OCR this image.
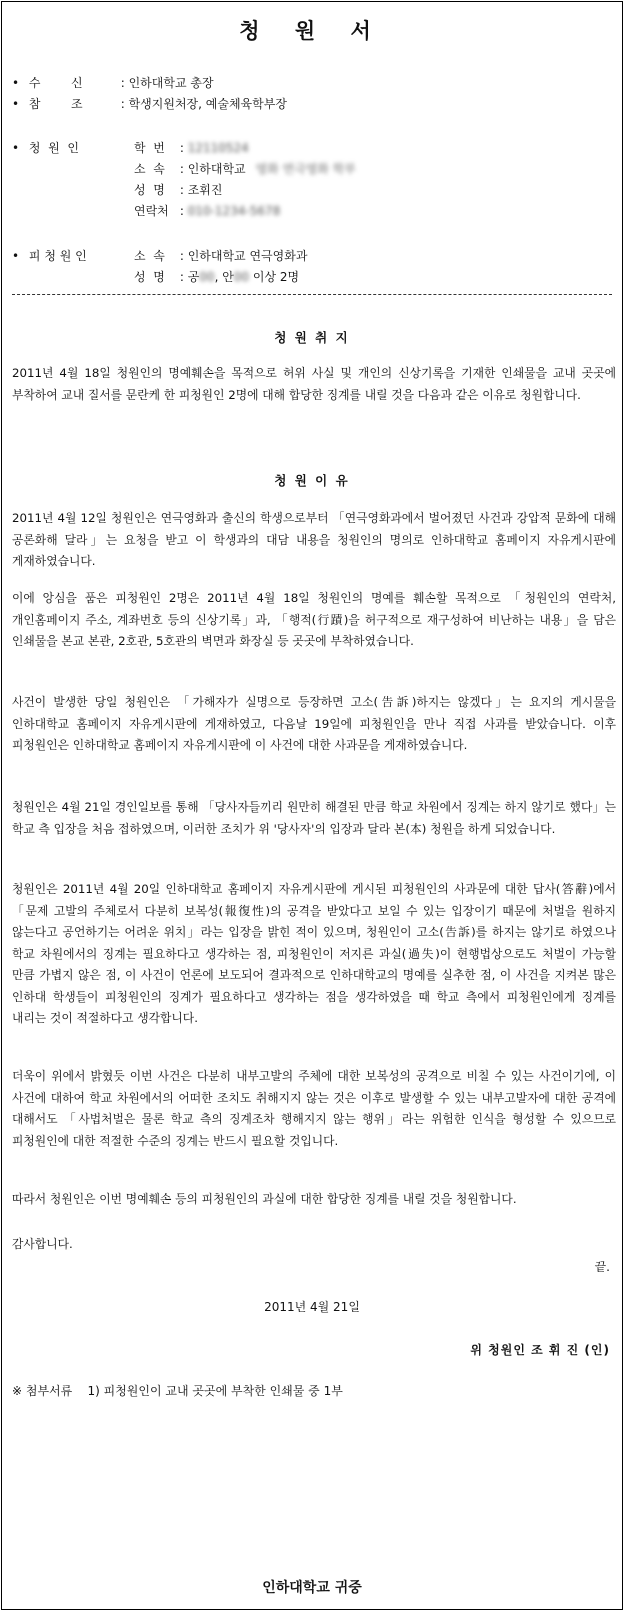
청 원 서
• 수        신	: 인하대학교 총장
• 참        조	: 학생지원처장, 예술체육학부장
• 청  원  인	학  번 : 12110524
소  속 : 인하대학교 영화 연극영화 학부
성  명 : 조휘진
연락처 : 010-1234-5678
• 피 청 원 인	소  속 : 인하대학교 연극영화과
성  명 : 공00, 안00 이상 2명
청 원 취 지
2011년 4월 18일 청원인의 명예훼손을 목적으로 허위 사실 및 개인의 신상기록을 기재한 인쇄물을 교내 곳곳에 부착하여 교내 질서를 문란케 한 피청원인 2명에 대해 합당한 징계를 내릴 것을 다음과 같은 이유로 청원합니다.
청 원 이 유
2011년 4월 12일 청원인은 연극영화과 출신의 학생으로부터 「연극영화과에서 벌어졌던 사건과 강압적 문화에 대해 공론화해 달라」는 요청을 받고 이 학생과의 대담 내용을 청원인의 명의로 인하대학교 홈페이지 자유게시판에 게재하였습니다.
이에 앙심을 품은 피청원인 2명은 2011년 4월 18일 청원인의 명예를 훼손할 목적으로 「청원인의 연락처, 개인홈페이지 주소, 계좌번호 등의 신상기록」과, 「행적(行蹟)을 허구적으로 재구성하여 비난하는 내용」을 담은 인쇄물을 본교 본관, 2호관, 5호관의 벽면과 화장실 등 곳곳에 부착하였습니다.
사건이 발생한 당일 청원인은 「가해자가 실명으로 등장하면 고소(告訴)하지는 않겠다」는 요지의 게시물을 인하대학교 홈페이지 자유게시판에 게재하였고, 다음날 19일에 피청원인을 만나 직접 사과를 받았습니다. 이후 피청원인은 인하대학교 홈페이지 자유게시판에 이 사건에 대한 사과문을 게재하였습니다.
청원인은 4월 21일 경인일보를 통해 「당사자들끼리 원만히 해결된 만큼 학교 차원에서 징계는 하지 않기로 했다」는 학교 측 입장을 처음 접하였으며, 이러한 조치가 위 '당사자'의 입장과 달라 본(本) 청원을 하게 되었습니다.
청원인은 2011년 4월 20일 인하대학교 홈페이지 자유게시판에 게시된 피청원인의 사과문에 대한 답사(答辭)에서 「문제 고발의 주체로서 다분히 보복성(報復性)의 공격을 받았다고 보일 수 있는 입장이기 때문에 처벌을 원하지 않는다고 공언하기는 어려운 위치」라는 입장을 밝힌 적이 있으며, 청원인이 고소(告訴)를 하지는 않기로 하였으나 학교 차원에서의 징계는 필요하다고 생각하는 점, 피청원인이 저지른 과실(過失)이 현행법상으로도 처벌이 가능할 만큼 가볍지 않은 점, 이 사건이 언론에 보도되어 결과적으로 인하대학교의 명예를 실추한 점, 이 사건을 지켜본 많은 인하대 학생들이 피청원인의 징계가 필요하다고 생각하는 점을 생각하였을 때 학교 측에서 피청원인에게 징계를 내리는 것이 적절하다고 생각합니다.
더욱이 위에서 밝혔듯 이번 사건은 다분히 내부고발의 주체에 대한 보복성의 공격으로 비칠 수 있는 사건이기에, 이 사건에 대하여 학교 차원에서의 어떠한 조치도 취해지지 않는 것은 이후로 발생할 수 있는 내부고발자에 대한 공격에 대해서도 「사법처벌은 물론 학교 측의 징계조차 행해지지 않는 행위」라는 위험한 인식을 형성할 수 있으므로 피청원인에 대한 적절한 수준의 징계는 반드시 필요할 것입니다.
따라서 청원인은 이번 명예훼손 등의 피청원인의 과실에 대한 합당한 징계를 내릴 것을 청원합니다.
감사합니다.
끝.
2011년 4월 21일
위 청원인 조 휘 진 (인)
※ 첨부서류    1) 피청원인이 교내 곳곳에 부착한 인쇄물 중 1부
인하대학교 귀중
